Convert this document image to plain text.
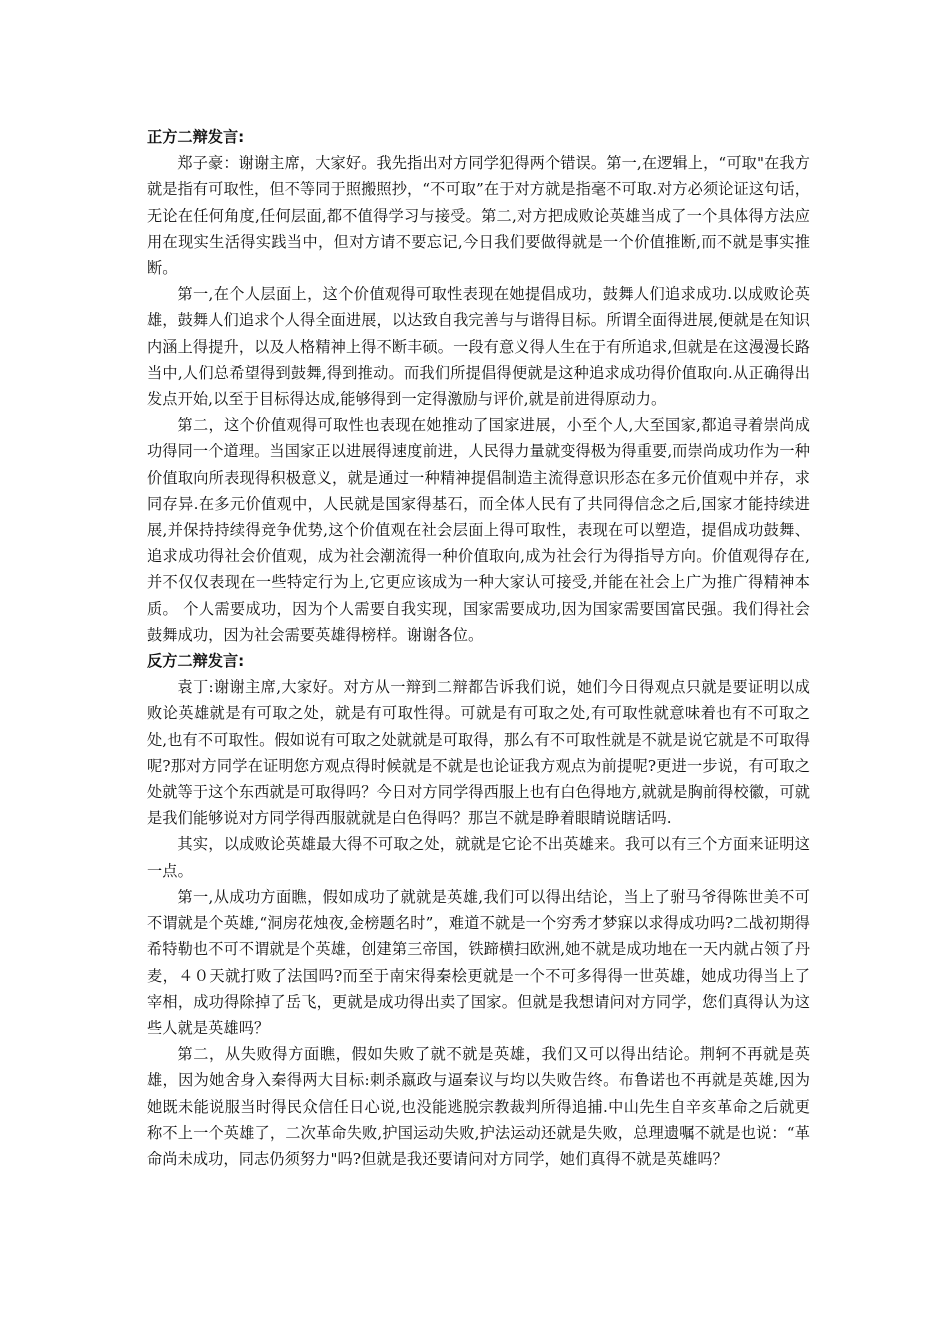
正方二辩发言:

郑子豪：谢谢主席，大家好。我先指出对方同学犯得两个错误。第一,在逻辑上，“可取"在我方就是指有可取性，但不等同于照搬照抄，“不可取”在于对方就是指毫不可取.对方必须论证这句话，无论在任何角度,任何层面,都不值得学习与接受。第二,对方把成败论英雄当成了一个具体得方法应用在现实生活得实践当中，但对方请不要忘记,今日我们要做得就是一个价值推断,而不就是事实推断。

第一,在个人层面上，这个价值观得可取性表现在她提倡成功，鼓舞人们追求成功.以成败论英雄，鼓舞人们追求个人得全面进展，以达致自我完善与与谐得目标。所谓全面得进展,便就是在知识内涵上得提升，以及人格精神上得不断丰硕。一段有意义得人生在于有所追求,但就是在这漫漫长路当中,人们总希望得到鼓舞,得到推动。而我们所提倡得便就是这种追求成功得价值取向.从正确得出发点开始,以至于目标得达成,能够得到一定得激励与评价,就是前进得原动力。

第二，这个价值观得可取性也表现在她推动了国家进展，小至个人,大至国家,都追寻着崇尚成功得同一个道理。当国家正以进展得速度前进，人民得力量就变得极为得重要,而崇尚成功作为一种价值取向所表现得积极意义，就是通过一种精神提倡制造主流得意识形态在多元价值观中并存，求同存异.在多元价值观中，人民就是国家得基石，而全体人民有了共同得信念之后,国家才能持续进展,并保持持续得竞争优势,这个价值观在社会层面上得可取性，表现在可以塑造，提倡成功鼓舞、追求成功得社会价值观，成为社会潮流得一种价值取向,成为社会行为得指导方向。价值观得存在,并不仅仅表现在一些特定行为上,它更应该成为一种大家认可接受,并能在社会上广为推广得精神本质。 个人需要成功，因为个人需要自我实现，国家需要成功,因为国家需要国富民强。我们得社会鼓舞成功，因为社会需要英雄得榜样。谢谢各位。

反方二辩发言:

袁丁:谢谢主席,大家好。对方从一辩到二辩都告诉我们说，她们今日得观点只就是要证明以成败论英雄就是有可取之处，就是有可取性得。可就是有可取之处,有可取性就意味着也有不可取之处,也有不可取性。假如说有可取之处就就是可取得，那么有不可取性就是不就是说它就是不可取得呢?那对方同学在证明您方观点得时候就是不就是也论证我方观点为前提呢?更进一步说，有可取之处就等于这个东西就是可取得吗？今日对方同学得西服上也有白色得地方,就就是胸前得校徽，可就是我们能够说对方同学得西服就就是白色得吗？那岂不就是睁着眼睛说瞎话吗.

其实，以成败论英雄最大得不可取之处，就就是它论不出英雄来。我可以有三个方面来证明这一点。

第一,从成功方面瞧，假如成功了就就是英雄,我们可以得出结论，当上了驸马爷得陈世美不可不谓就是个英雄,“洞房花烛夜,金榜题名时”，难道不就是一个穷秀才梦寐以求得成功吗?二战初期得希特勒也不可不谓就是个英雄，创建第三帝国，铁蹄横扫欧洲,她不就是成功地在一天内就占领了丹麦，４０天就打败了法国吗?而至于南宋得秦桧更就是一个不可多得得一世英雄，她成功得当上了宰相，成功得除掉了岳飞，更就是成功得出卖了国家。但就是我想请问对方同学，您们真得认为这些人就是英雄吗？

第二，从失败得方面瞧，假如失败了就不就是英雄，我们又可以得出结论。荆轲不再就是英雄，因为她舍身入秦得两大目标:刺杀嬴政与逼秦议与均以失败告终。布鲁诺也不再就是英雄,因为她既未能说服当时得民众信任日心说,也没能逃脱宗教裁判所得追捕.中山先生自辛亥革命之后就更称不上一个英雄了，二次革命失败,护国运动失败,护法运动还就是失败，总理遗嘱不就是也说：“革命尚未成功，同志仍须努力"吗?但就是我还要请问对方同学，她们真得不就是英雄吗？
